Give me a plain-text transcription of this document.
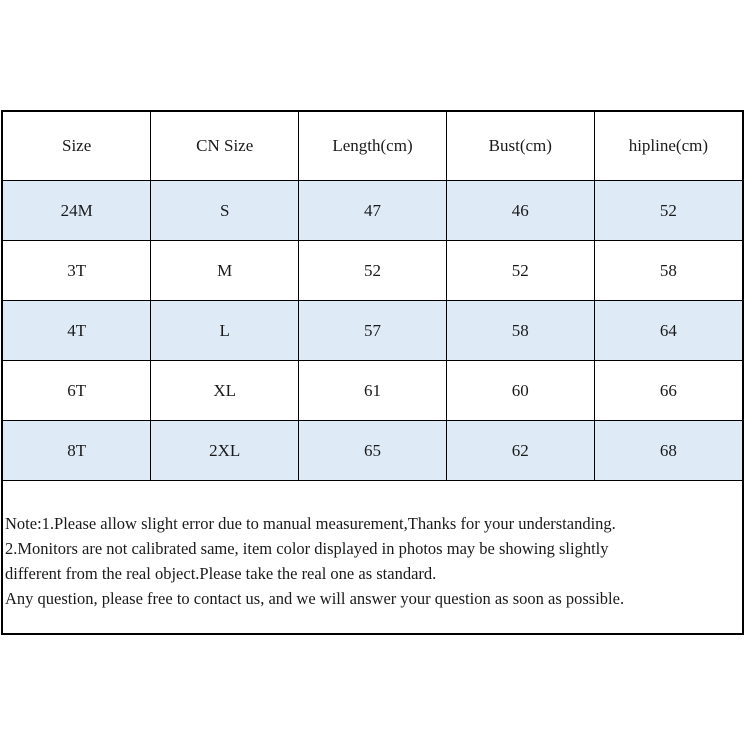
Size	CN Size	Length(cm)	Bust(cm)	hipline(cm)
24M	S	47	46	52
3T	M	52	52	58
4T	L	57	58	64
6T	XL	61	60	66
8T	2XL	65	62	68
Note:1.Please allow slight error due to manual measurement,Thanks for your understanding.
2.Monitors are not calibrated same, item color displayed in photos may be showing slightly
different from the real object.Please take the real one as standard.
Any question, please free to contact us, and we will answer your question as soon as possible.
